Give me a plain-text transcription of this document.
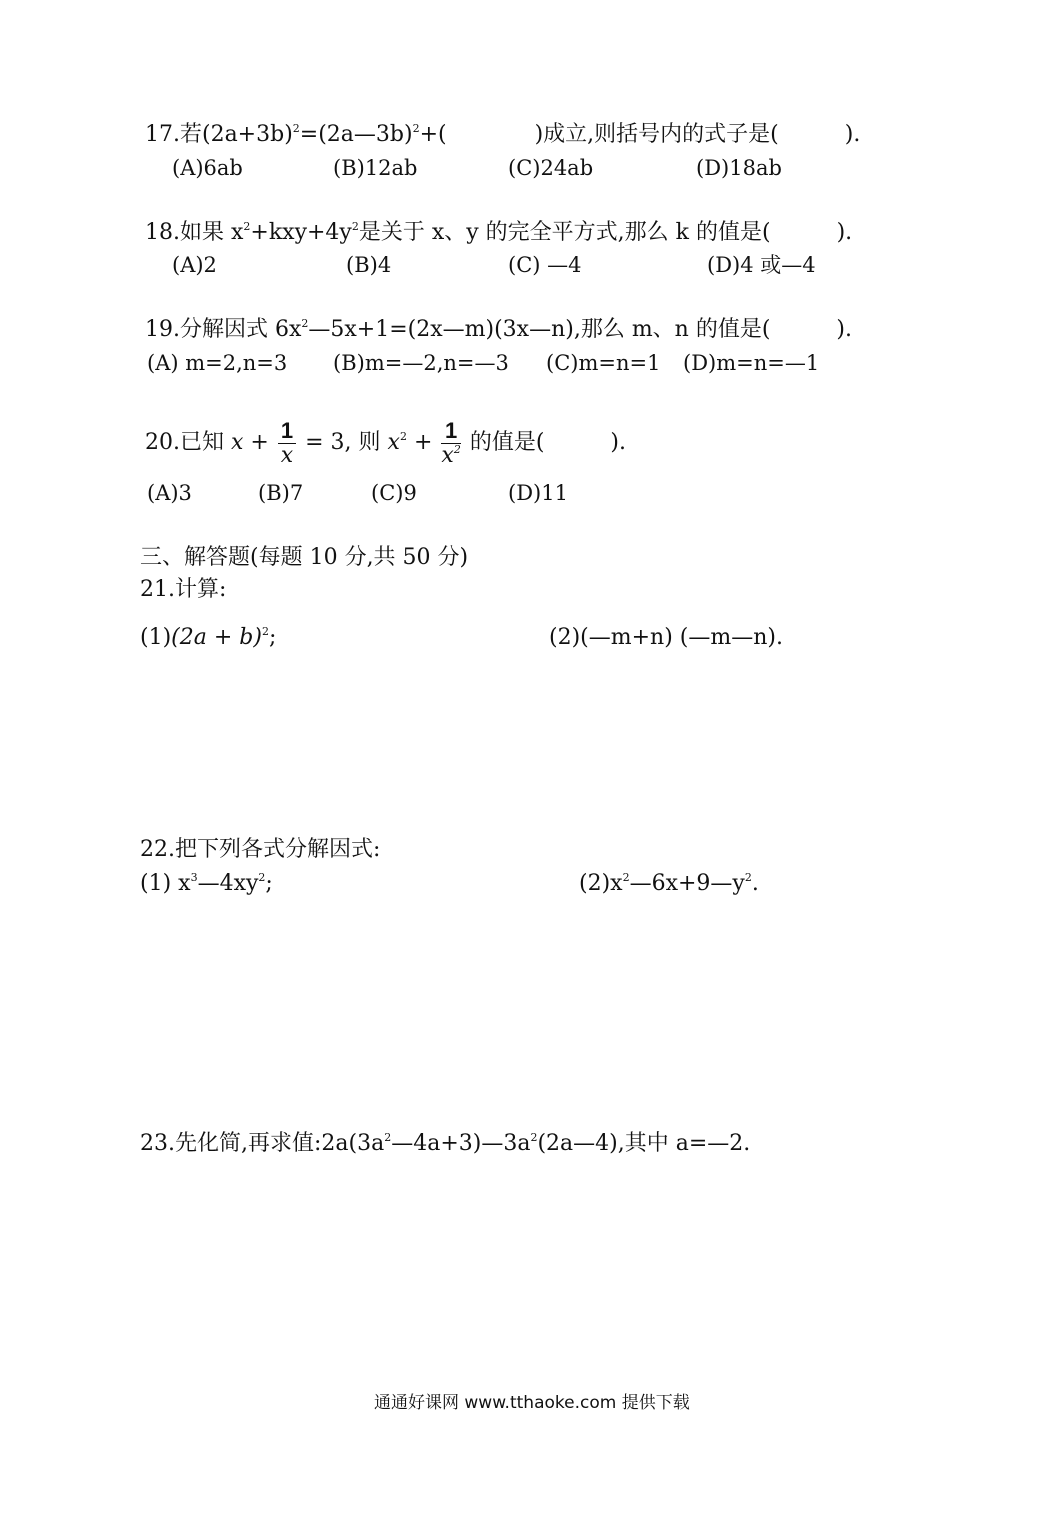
17.若$(2a+3b)^2=(2a—3b)^2+$(　　　　)成立,则括号内的式子是(　　　).
(A)6ab	(B)12ab	(C)24ab	(D)18ab
18.如果 $x^2+kxy+4y^2$是关于 x、y 的完全平方式,那么 k 的值是(　　　).
(A)2	(B)4	(C) —4	(D)4 或—4
19.分解因式 $6x^2—5x+1=(2x—m)(3x—n)$,那么 m、n 的值是(　　　).
(A) m=2,n=3 (B)m=—2,n=—3 (C)m=n=1 (D)m=n=—1
20.已知 $x + \frac{1}{x} = 3$, 则 $x^2 + \frac{1}{x^2}$ 的值是(　　　).
(A)3	(B)7	(C)9	(D)11
三、解答题(每题 10 分,共 50 分)
21.计算:
$(1)(2a + b)^2$;	(2)(—m+n) (—m—n).
22.把下列各式分解因式:
(1) $x^3—4xy^2$;	$(2)x^2—6x+9—y^2$.
23.先化简,再求值$:2a(3a^2—4a+3)—3a^2(2a—4)$,其中 a=—2.
通通好课网 www.tthaoke.com 提供下载
